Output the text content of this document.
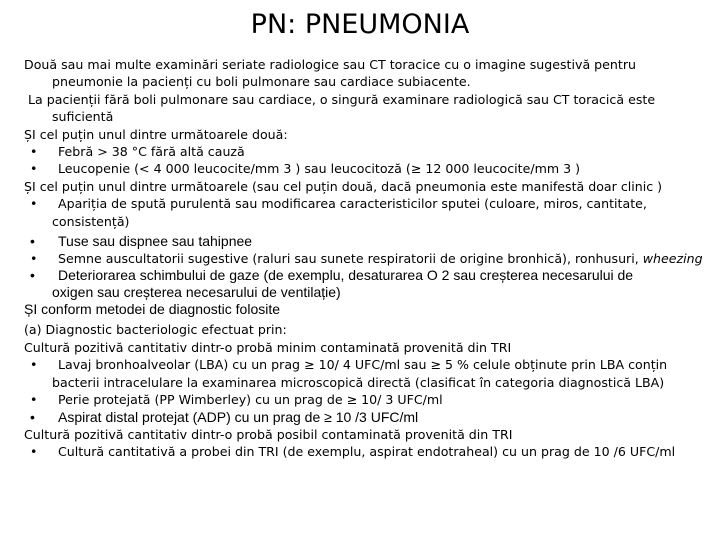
PN: PNEUMONIA
Două sau mai multe examinări seriate radiologice sau CT toracice cu o imagine sugestivă pentru
pneumonie la pacienți cu boli pulmonare sau cardiace subiacente.
La pacienții fără boli pulmonare sau cardiace, o singură examinare radiologică sau CT toracică este
suficientă
ȘI cel puțin unul dintre următoarele două:
• Febră > 38 °C fără altă cauză
• Leucopenie (< 4 000 leucocite/mm 3 ) sau leucocitoză (≥ 12 000 leucocite/mm 3 )
ȘI cel puțin unul dintre următoarele (sau cel puțin două, dacă pneumonia este manifestă doar clinic )
• Apariția de spută purulentă sau modificarea caracteristicilor sputei (culoare, miros, cantitate,
consistență)
• Tuse sau dispnee sau tahipnee
• Semne auscultatorii sugestive (raluri sau sunete respiratorii de origine bronhică), ronhusuri, wheezing
• Deteriorarea schimbului de gaze (de exemplu, desaturarea O 2 sau creșterea necesarului de
oxigen sau creșterea necesarului de ventilație)
ȘI conform metodei de diagnostic folosite
(a) Diagnostic bacteriologic efectuat prin:
Cultură pozitivă cantitativ dintr-o probă minim contaminată provenită din TRI
• Lavaj bronhoalveolar (LBA) cu un prag ≥ 10/ 4 UFC/ml sau ≥ 5 % celule obținute prin LBA conțin
bacterii intracelulare la examinarea microscopică directă (clasificat în categoria diagnostică LBA)
• Perie protejată (PP Wimberley) cu un prag de ≥ 10/ 3 UFC/ml
• Aspirat distal protejat (ADP) cu un prag de ≥ 10 /3 UFC/ml
Cultură pozitivă cantitativ dintr-o probă posibil contaminată provenită din TRI
• Cultură cantitativă a probei din TRI (de exemplu, aspirat endotraheal) cu un prag de 10 /6 UFC/ml
